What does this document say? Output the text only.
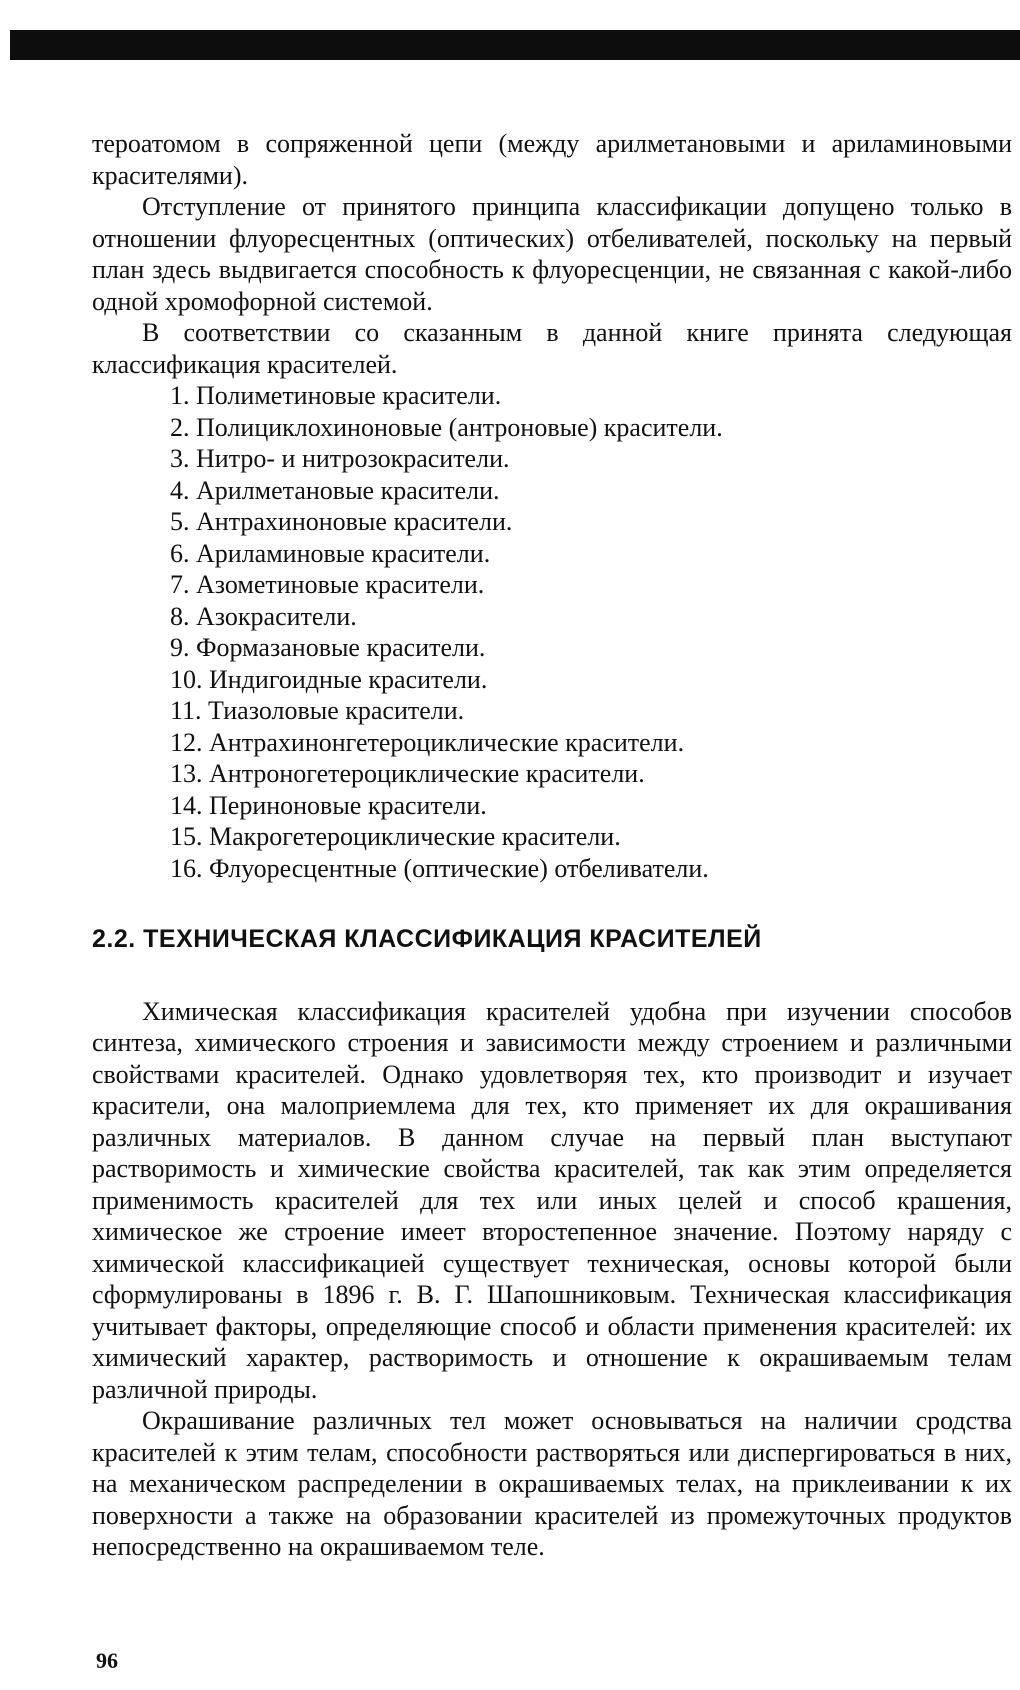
тероатомом в сопряженной цепи (между арилметановыми и ариламиновыми красителями).

Отступление от принятого принципа классификации допущено только в отношении флуоресцентных (оптических) отбеливателей, поскольку на первый план здесь выдвигается способность к флуоресценции, не связанная с какой-либо одной хромофорной системой.

В соответствии со сказанным в данной книге принята следующая классификация красителей.

1. Полиметиновые красители.
2. Полициклохиноновые (антроновые) красители.
3. Нитро- и нитрозокрасители.
4. Арилметановые красители.
5. Антрахиноновые красители.
6. Ариламиновые красители.
7. Азометиновые красители.
8. Азокрасители.
9. Формазановые красители.
10. Индигоидные красители.
11. Тиазоловые красители.
12. Антрахинонгетероциклические красители.
13. Антроногетероциклические красители.
14. Периноновые красители.
15. Макрогетероциклические красители.
16. Флуоресцентные (оптические) отбеливатели.
2.2. ТЕХНИЧЕСКАЯ КЛАССИФИКАЦИЯ КРАСИТЕЛЕЙ

Химическая классификация красителей удобна при изучении способов синтеза, химического строения и зависимости между строением и различными свойствами красителей. Однако удовлетворяя тех, кто производит и изучает красители, она малоприемлема для тех, кто применяет их для окрашивания различных материалов. В данном случае на первый план выступают растворимость и химические свойства красителей, так как этим определяется применимость красителей для тех или иных целей и способ крашения, химическое же строение имеет второстепенное значение. Поэтому наряду с химической классификацией существует техническая, основы которой были сформулированы в 1896 г. В. Г. Шапошниковым. Техническая классификация учитывает факторы, определяющие способ и области применения красителей: их химический характер, растворимость и отношение к окрашиваемым телам различной природы.

Окрашивание различных тел может основываться на наличии сродства красителей к этим телам, способности растворяться или диспергироваться в них, на механическом распределении в окрашиваемых телах, на приклеивании к их поверхности а также на образовании красителей из промежуточных продуктов непосредственно на окрашиваемом теле.

96
